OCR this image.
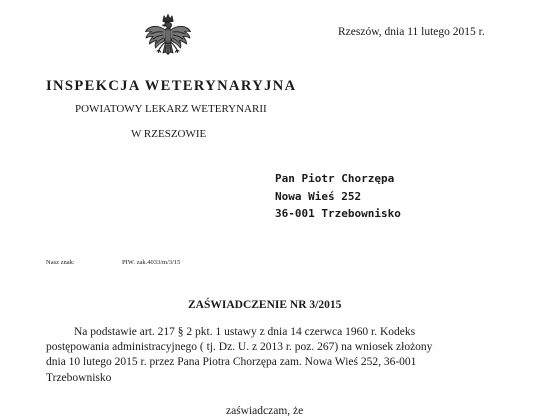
Rzeszów, dnia 11 lutego 2015 r.
INSPEKCJA WETERYNARYJNA
POWIATOWY LEKARZ WETERYNARII
W RZESZOWIE
Pan Piotr Chorzępa
Nowa Wieś 252
36-001 Trzebownisko
Nasz znak:	PIW. zak.4033/m/3/15
ZAŚWIADCZENIE NR 3/2015
Na podstawie art. 217 § 2 pkt. 1 ustawy z dnia 14 czerwca 1960 r. Kodeks
postępowania administracyjnego ( tj. Dz. U. z 2013 r. poz. 267) na wniosek złożony
dnia 10 lutego 2015 r. przez Pana Piotra Chorzępa zam. Nowa Wieś 252, 36-001
Trzebownisko
zaświadczam, że
